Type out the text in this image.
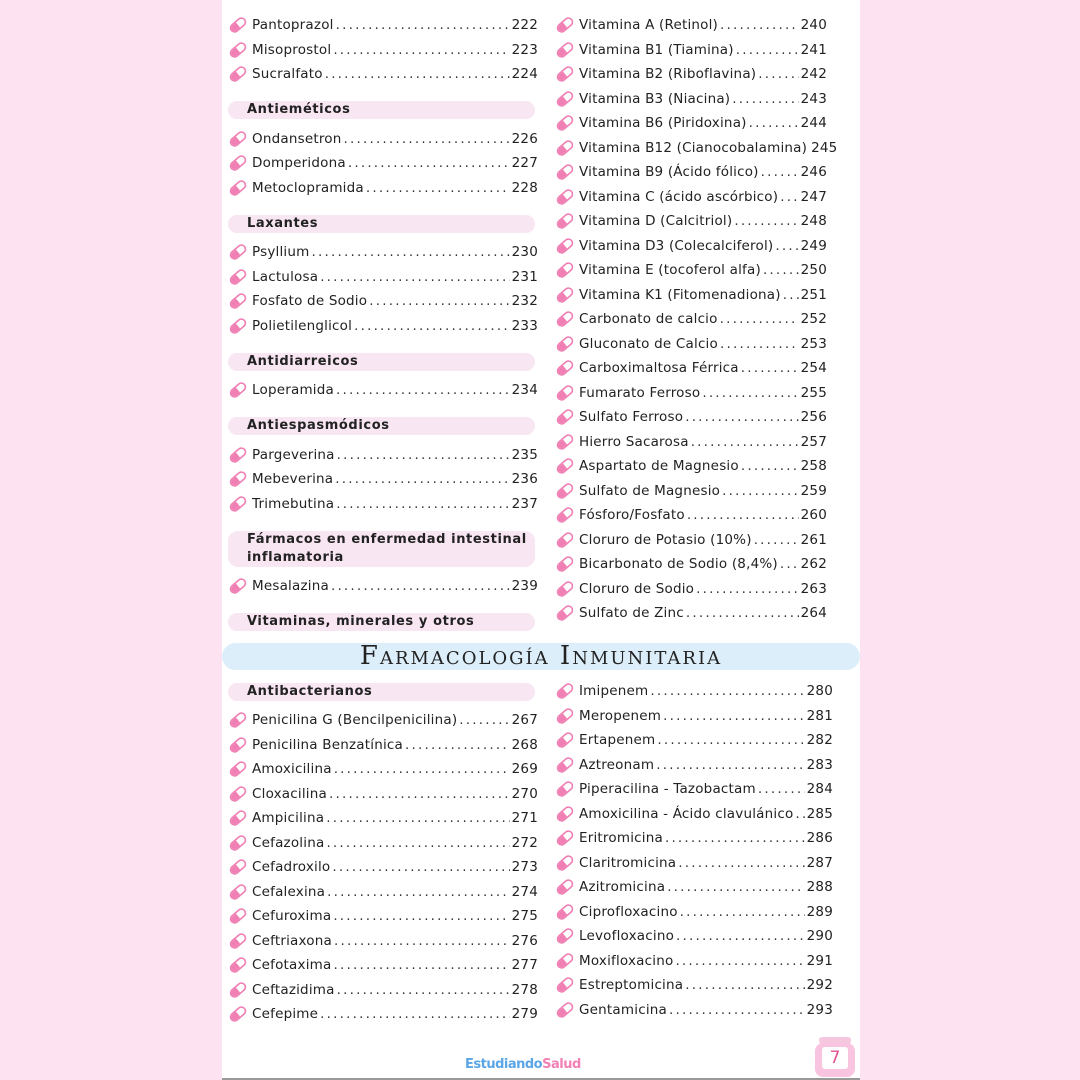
Pantoprazol .....	222
Misoprostol .....	223
Sucralfato .....	224
Antieméticos
Ondansetron .....	226
Domperidona .....	227
Metoclopramida .....	228
Laxantes
Psyllium .....	230
Lactulosa .....	231
Fosfato de Sodio .....	232
Polietilenglicol .....	233
Antidiarreicos
Loperamida .....	234
Antiespasmódicos
Pargeverina .....	235
Mebeverina .....	236
Trimebutina .....	237
Fármacos en enfermedad intestinal inflamatoria
Mesalazina .....	239
Vitaminas, minerales y otros
Vitamina A (Retinol) .....	240
Vitamina B1 (Tiamina) .....	241
Vitamina B2 (Riboflavina) .....	242
Vitamina B3 (Niacina) .....	243
Vitamina B6 (Piridoxina) .....	244
Vitamina B12 (Cianocobalamina) 245
Vitamina B9 (Ácido fólico) .....	246
Vitamina C (ácido ascórbico) ..... 247
Vitamina D (Calcitriol) .....	248
Vitamina D3 (Colecalciferol) ..... 249
Vitamina E (tocoferol alfa) .....	250
Vitamina K1 (Fitomenadiona) ..... 251
Carbonato de calcio .....	252
Gluconato de Calcio .....	253
Carboximaltosa Férrica .....	254
Fumarato Ferroso .....	255
Sulfato Ferroso .....	256
Hierro Sacarosa .....	257
Aspartato de Magnesio .....	258
Sulfato de Magnesio .....	259
Fósforo/Fosfato .....	260
Cloruro de Potasio (10%) .....	261
Bicarbonato de Sodio (8,4%) ..... 262
Cloruro de Sodio .....	263
Sulfato de Zinc .....	264
Farmacología Inmunitaria
Antibacterianos
Penicilina G (Bencilpenicilina) .....	267
Penicilina Benzatínica .....	268
Amoxicilina .....	269
Cloxacilina .....	270
Ampicilina .....	271
Cefazolina .....	272
Cefadroxilo .....	273
Cefalexina .....	274
Cefuroxima .....	275
Ceftriaxona .....	276
Cefotaxima .....	277
Ceftazidima .....	278
Cefepime .....	279
Imipenem .....	280
Meropenem .....	281
Ertapenem .....	282
Aztreonam .....	283
Piperacilina - Tazobactam .....	284
Amoxicilina - Ácido clavulánico ..... 285
Eritromicina .....	286
Claritromicina .....	287
Azitromicina .....	288
Ciprofloxacino .....	289
Levofloxacino .....	290
Moxifloxacino .....	291
Estreptomicina .....	292
Gentamicina .....	293
EstudiandoSalud	7
